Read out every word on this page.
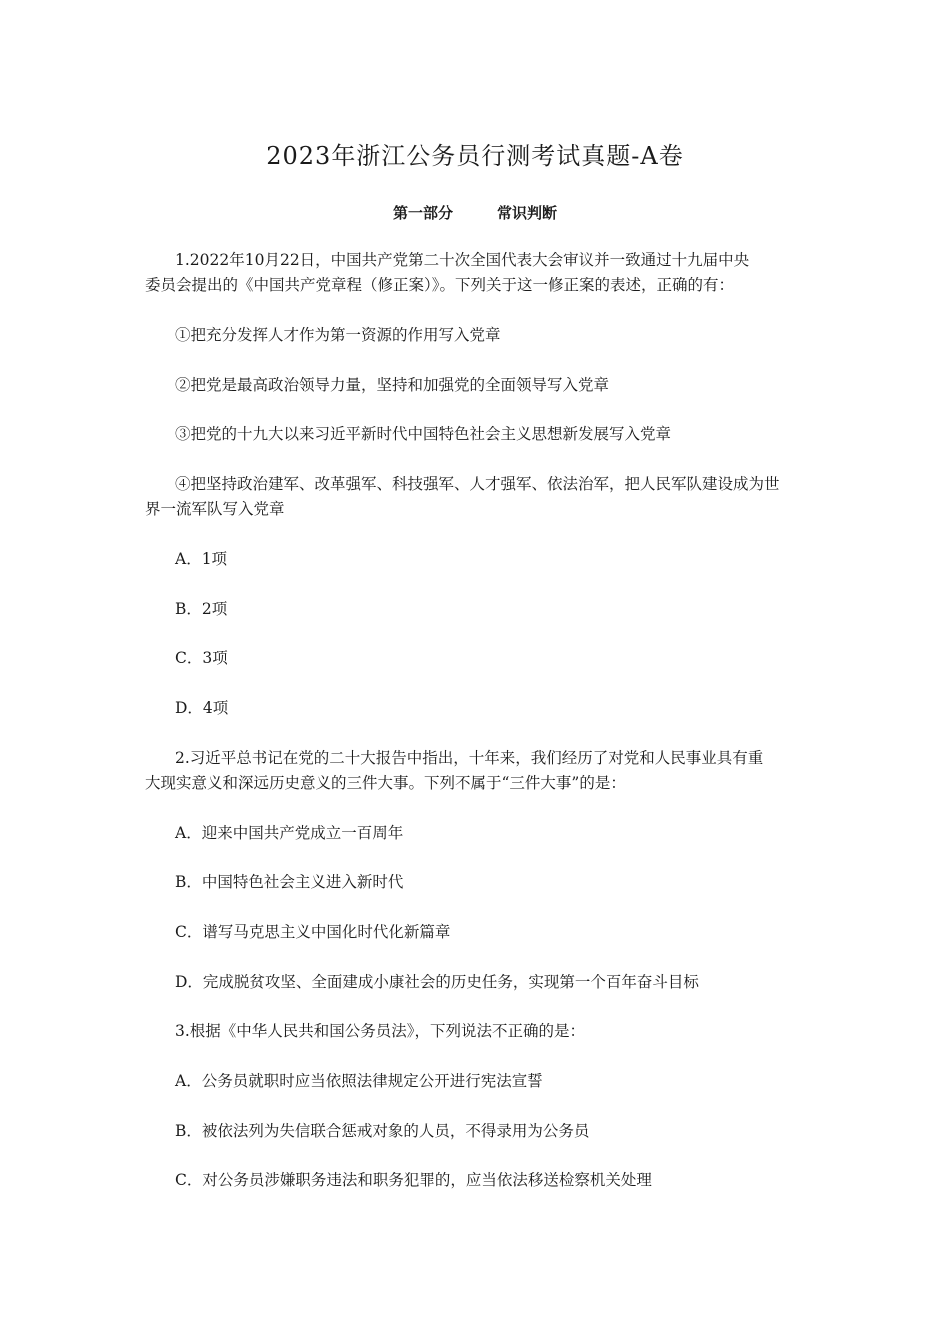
2023年浙江公务员行测考试真题-A卷
第一部分	常识判断
1.2022年10月22日，中国共产党第二十次全国代表大会审议并一致通过十九届中央
委员会提出的《中国共产党章程（修正案）》。下列关于这一修正案的表述，正确的有：
①把充分发挥人才作为第一资源的作用写入党章
②把党是最高政治领导力量，坚持和加强党的全面领导写入党章
③把党的十九大以来习近平新时代中国特色社会主义思想新发展写入党章
④把坚持政治建军、改革强军、科技强军、人才强军、依法治军，把人民军队建设成为世
界一流军队写入党章
A．1项
B．2项
C．3项
D．4项
2.习近平总书记在党的二十大报告中指出，十年来，我们经历了对党和人民事业具有重
大现实意义和深远历史意义的三件大事。下列不属于“三件大事”的是：
A．迎来中国共产党成立一百周年
B．中国特色社会主义进入新时代
C．谱写马克思主义中国化时代化新篇章
D．完成脱贫攻坚、全面建成小康社会的历史任务，实现第一个百年奋斗目标
3.根据《中华人民共和国公务员法》，下列说法不正确的是：
A．公务员就职时应当依照法律规定公开进行宪法宣誓
B．被依法列为失信联合惩戒对象的人员，不得录用为公务员
C．对公务员涉嫌职务违法和职务犯罪的，应当依法移送检察机关处理
